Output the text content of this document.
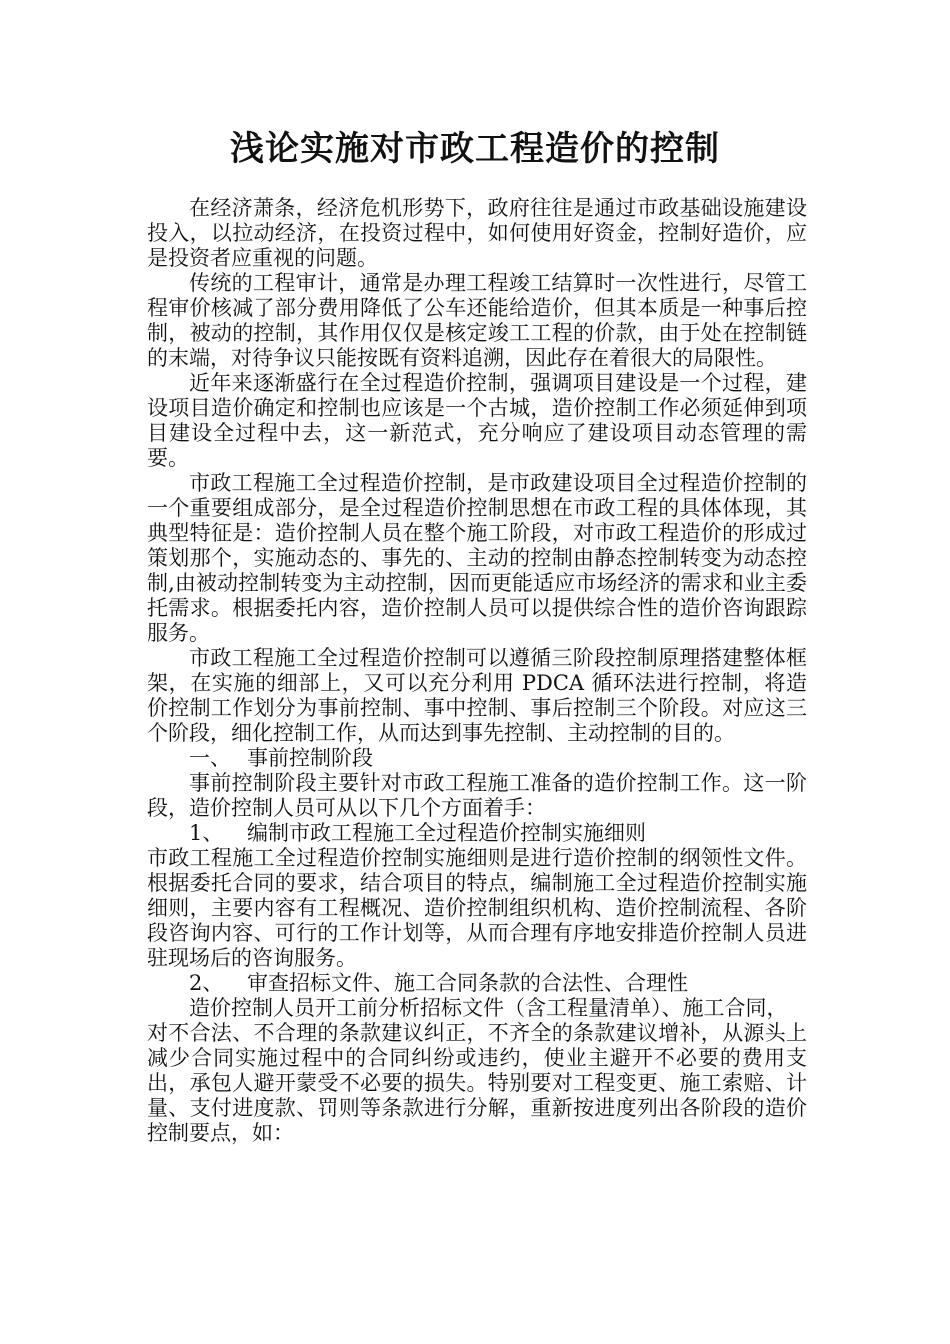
浅论实施对市政工程造价的控制

在经济萧条，经济危机形势下，政府往往是通过市政基础设施建设投入，以拉动经济，在投资过程中，如何使用好资金，控制好造价，应是投资者应重视的问题。

传统的工程审计，通常是办理工程竣工结算时一次性进行，尽管工程审价核减了部分费用降低了公车还能给造价，但其本质是一种事后控制，被动的控制，其作用仅仅是核定竣工工程的价款，由于处在控制链的末端，对待争议只能按既有资料追溯，因此存在着很大的局限性。

近年来逐渐盛行在全过程造价控制，强调项目建设是一个过程，建设项目造价确定和控制也应该是一个古城，造价控制工作必须延伸到项目建设全过程中去，这一新范式，充分响应了建设项目动态管理的需要。

市政工程施工全过程造价控制，是市政建设项目全过程造价控制的一个重要组成部分，是全过程造价控制思想在市政工程的具体体现，其典型特征是：造价控制人员在整个施工阶段，对市政工程造价的形成过策划那个，实施动态的、事先的、主动的控制由静态控制转变为动态控制,由被动控制转变为主动控制，因而更能适应市场经济的需求和业主委托需求。根据委托内容，造价控制人员可以提供综合性的造价咨询跟踪服务。

市政工程施工全过程造价控制可以遵循三阶段控制原理搭建整体框架，在实施的细部上，又可以充分利用 PDCA 循环法进行控制，将造价控制工作划分为事前控制、事中控制、事后控制三个阶段。对应这三个阶段，细化控制工作，从而达到事先控制、主动控制的目的。

一、 事前控制阶段

事前控制阶段主要针对市政工程施工准备的造价控制工作。这一阶段，造价控制人员可从以下几个方面着手：

1、 编制市政工程施工全过程造价控制实施细则

市政工程施工全过程造价控制实施细则是进行造价控制的纲领性文件。根据委托合同的要求，结合项目的特点，编制施工全过程造价控制实施细则，主要内容有工程概况、造价控制组织机构、造价控制流程、各阶段咨询内容、可行的工作计划等，从而合理有序地安排造价控制人员进驻现场后的咨询服务。

2、 审查招标文件、施工合同条款的合法性、合理性

造价控制人员开工前分析招标文件（含工程量清单）、施工合同，

对不合法、不合理的条款建议纠正，不齐全的条款建议增补，从源头上减少合同实施过程中的合同纠纷或违约，使业主避开不必要的费用支出，承包人避开蒙受不必要的损失。特别要对工程变更、施工索赔、计量、支付进度款、罚则等条款进行分解，重新按进度列出各阶段的造价控制要点，如：
